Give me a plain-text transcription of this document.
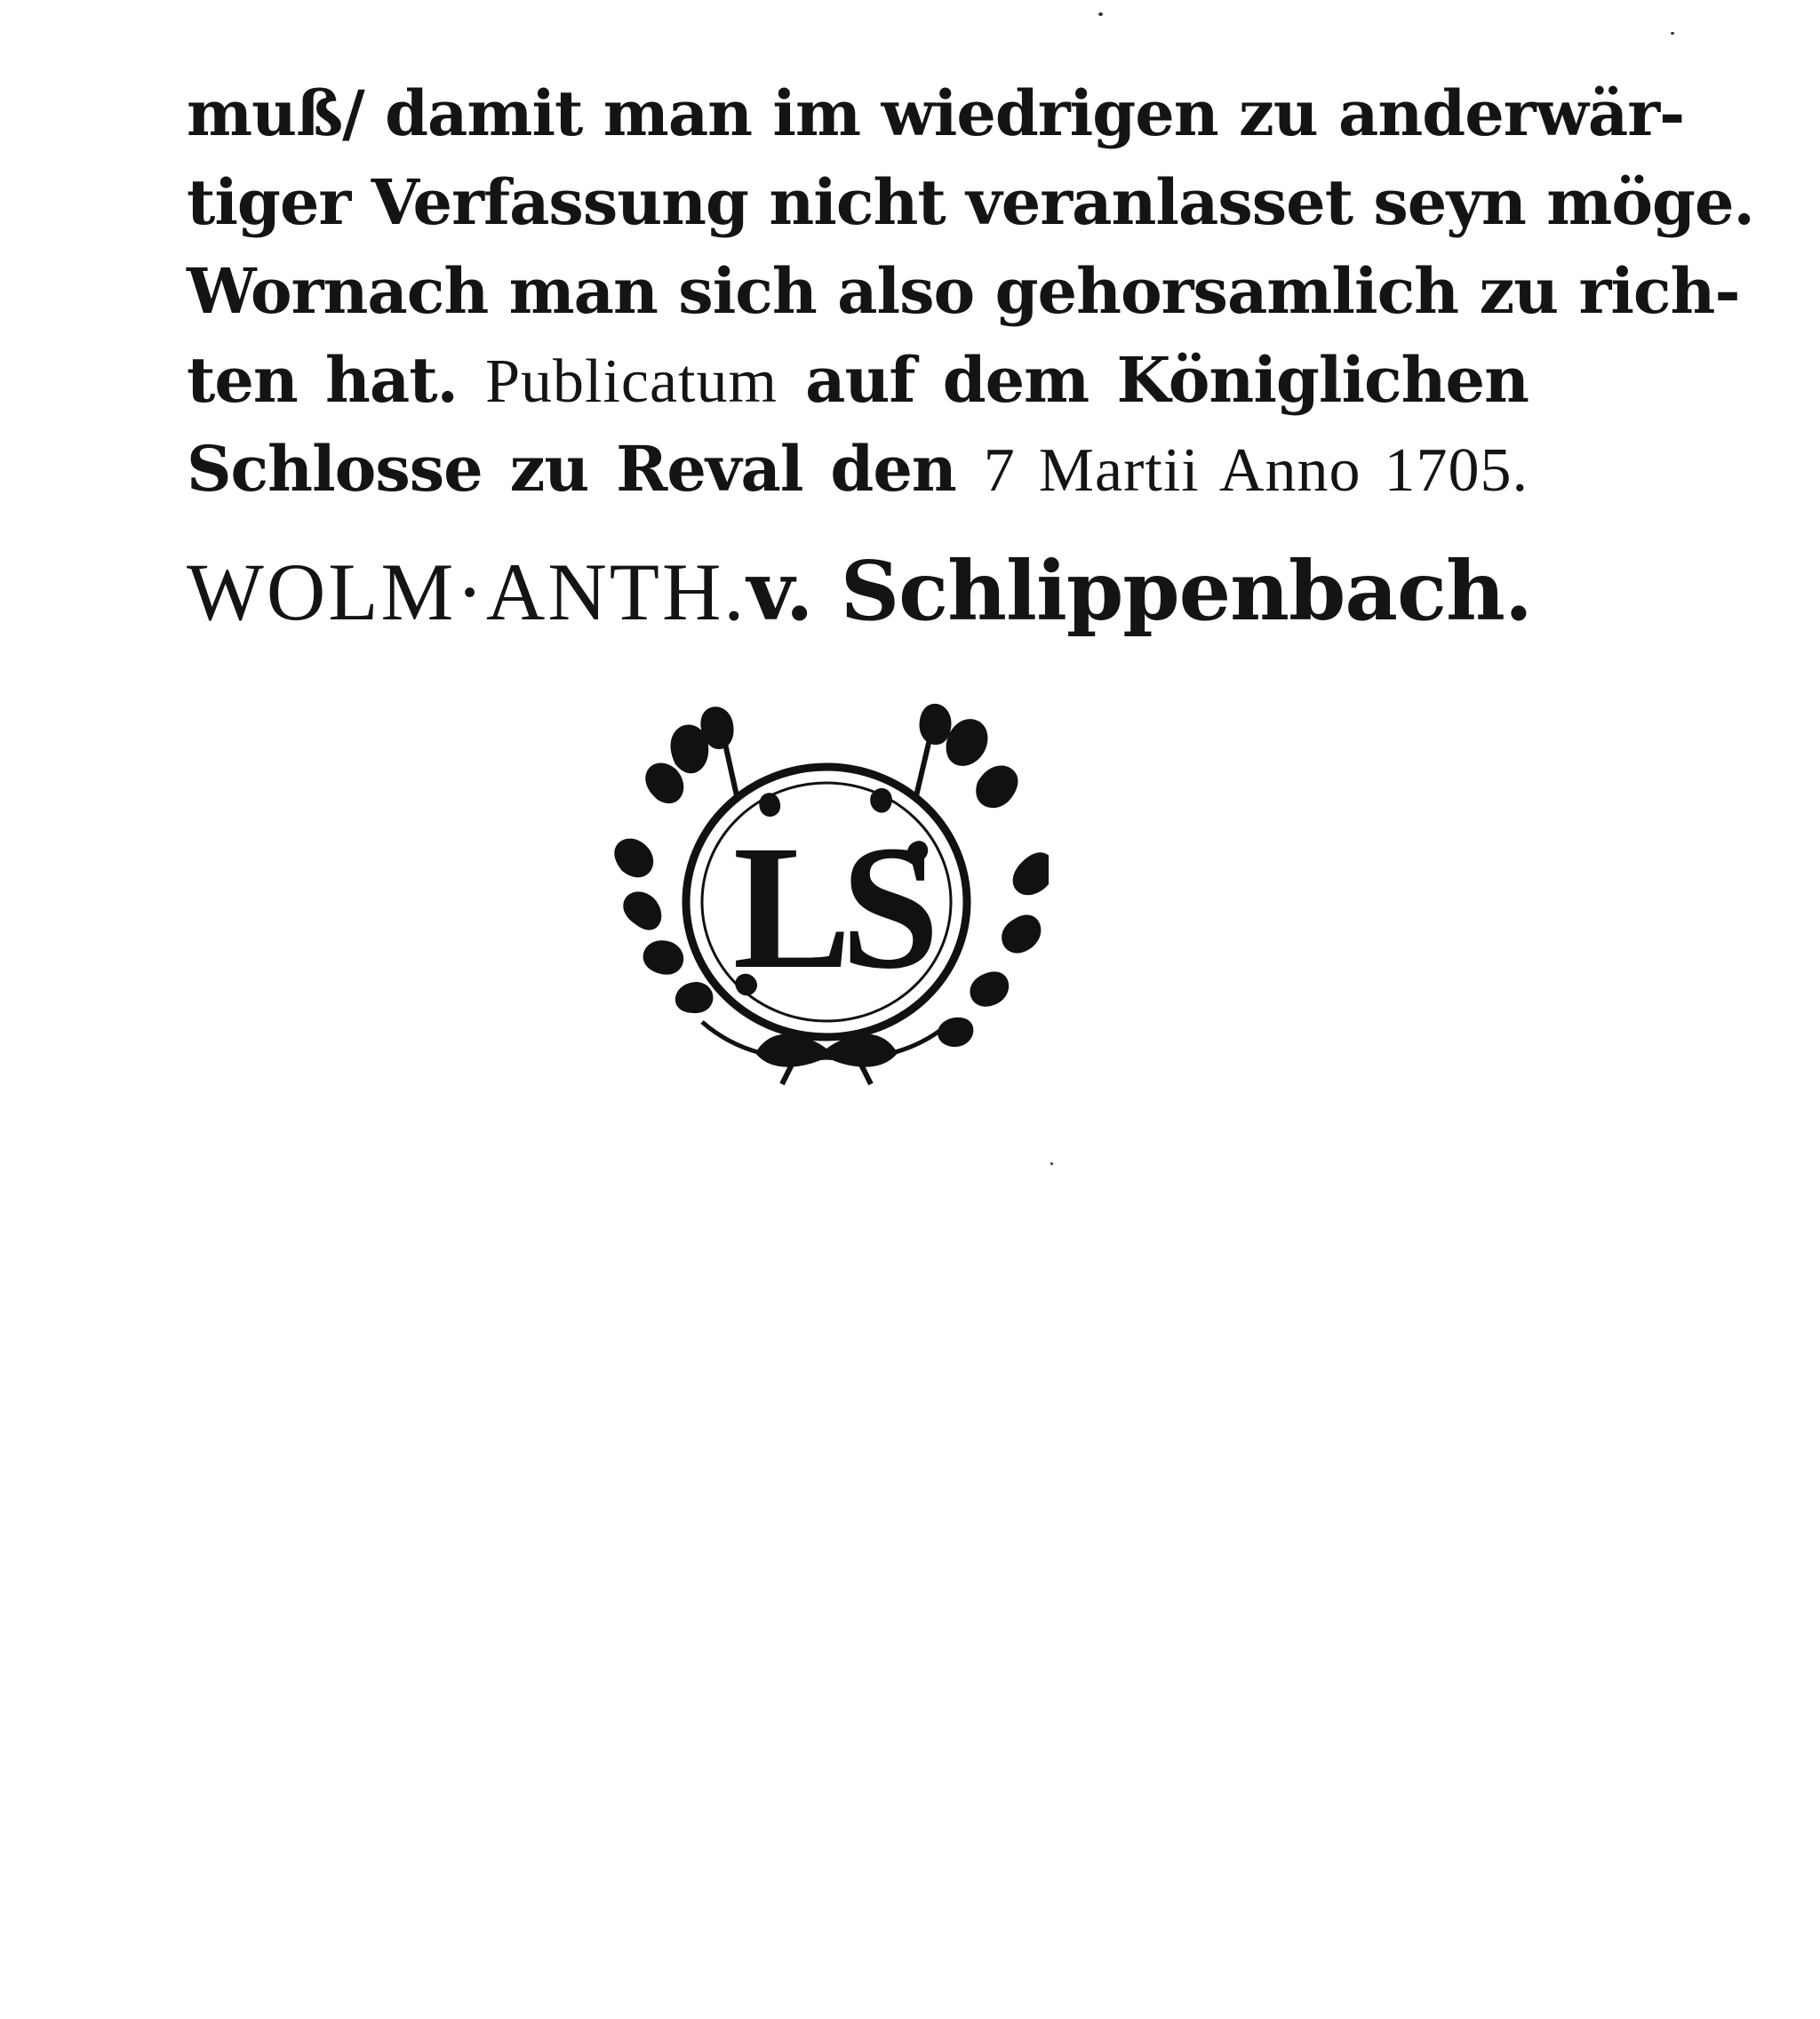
muß/ damit man im wiedrigen zu anderwär-
tiger Verfassung nicht veranlasset seyn möge.
Wornach man sich also gehorsamlich zu rich-
ten hat. Publicatum auf dem Königlichen
Schlosse zu Reval den 7 Martii Anno 1705.
WOLM·ANTH.v. Schlippenbach.
LS
